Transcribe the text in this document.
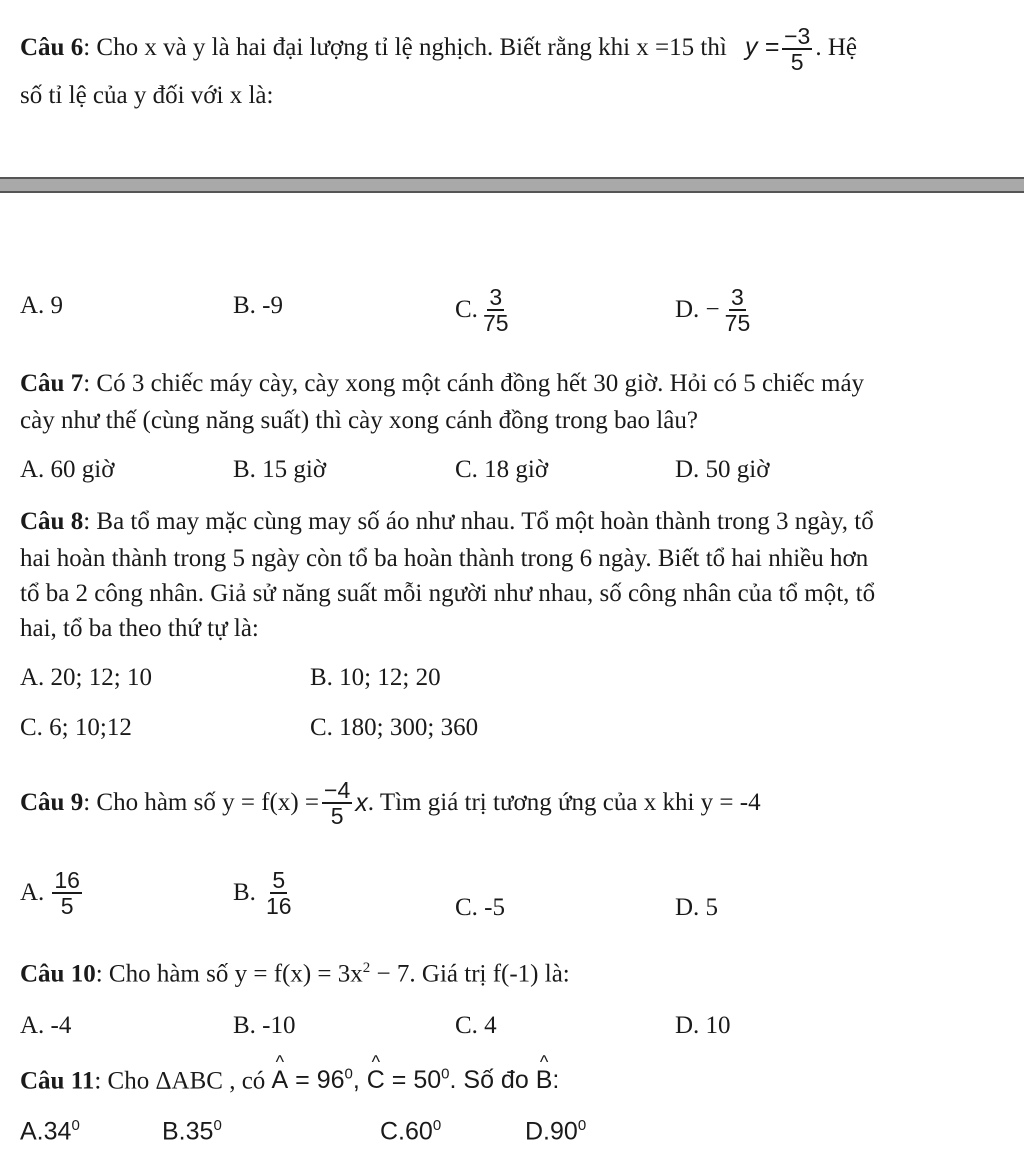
Câu 6: Cho x và y là hai đại lượng tỉ lệ nghịch. Biết rằng khi x =15 thì $y = \frac{-3}{5}$ . Hệ
số tỉ lệ của y đối với x là:
A. 9	B. -9	C. $\frac{3}{75}$	D. − $\frac{3}{75}$
Câu 7: Có 3 chiếc máy cày, cày xong một cánh đồng hết 30 giờ. Hỏi có 5 chiếc máy
cày như thế (cùng năng suất) thì cày xong cánh đồng trong bao lâu?
A. 60 giờ	B. 15 giờ	C. 18 giờ	D. 50 giờ
Câu 8: Ba tổ may mặc cùng may số áo như nhau. Tổ một hoàn thành trong 3 ngày, tổ
hai hoàn thành trong 5 ngày còn tổ ba hoàn thành trong 6 ngày. Biết tổ hai nhiều hơn
tổ ba 2 công nhân. Giả sử năng suất mỗi người như nhau, số công nhân của tổ một, tổ
hai, tổ ba theo thứ tự là:
A. 20; 12; 10	B. 10; 12; 20
C. 6; 10;12	C. 180; 300; 360
Câu 9 : Cho hàm số $y = f(x) = \frac{-4}{5}$ x . Tìm giá trị tương ứng của x khi y = -4
A. $\frac{16}{5}$	B. $\frac{5}{16}$	C. -5	D. 5
Câu 10: Cho hàm số $y = f(x) = 3x^2 - 7$. Giá trị f(-1) là:
A. -4	B. -10	C. 4	D. 10
Câu 11: Cho ΔABC , có ^ $A = 96^0$, ^ $C = 50^0$. Số đo ^ B:
$A.34^0$	$B.35^0$	$C.60^0$	$D.90^0$
